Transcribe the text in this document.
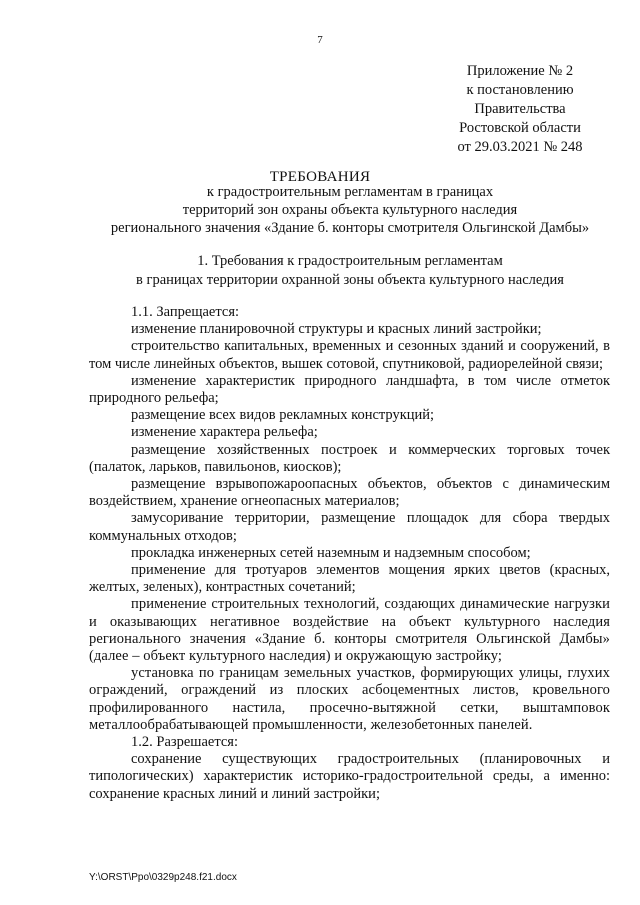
7
Приложение № 2
к постановлению
Правительства
Ростовской области
от 29.03.2021 № 248
ТРЕБОВАНИЯ
к градостроительным регламентам в границах
территорий зон охраны объекта культурного наследия
регионального значения «Здание б. конторы смотрителя Ольгинской Дамбы»
1. Требования к градостроительным регламентам
в границах территории охранной зоны объекта культурного наследия

1.1. Запрещается:

изменение планировочной структуры и красных линий застройки;

строительство капитальных, временных и сезонных зданий и сооружений, в том числе линейных объектов, вышек сотовой, спутниковой, радиорелейной связи;

изменение характеристик природного ландшафта, в том числе отметок природного рельефа;

размещение всех видов рекламных конструкций;

изменение характера рельефа;

размещение хозяйственных построек и коммерческих торговых точек (палаток, ларьков, павильонов, киосков);

размещение взрывопожароопасных объектов, объектов с динамическим воздействием, хранение огнеопасных материалов;

замусоривание территории, размещение площадок для сбора твердых коммунальных отходов;

прокладка инженерных сетей наземным и надземным способом;

применение для тротуаров элементов мощения ярких цветов (красных, желтых, зеленых), контрастных сочетаний;

применение строительных технологий, создающих динамические нагрузки и оказывающих негативное воздействие на объект культурного наследия регионального значения «Здание б. конторы смотрителя Ольгинской Дамбы» (далее – объект культурного наследия) и окружающую застройку;

установка по границам земельных участков, формирующих улицы, глухих ограждений, ограждений из плоских асбоцементных листов, кровельного профилированного настила, просечно-вытяжной сетки, выштамповок металлообрабатывающей промышленности, железобетонных панелей.

1.2. Разрешается:

сохранение существующих градостроительных (планировочных и типологических) характеристик историко-градостроительной среды, а именно: сохранение красных линий и линий застройки;

Y:\ORST\Ppo\0329p248.f21.docx
